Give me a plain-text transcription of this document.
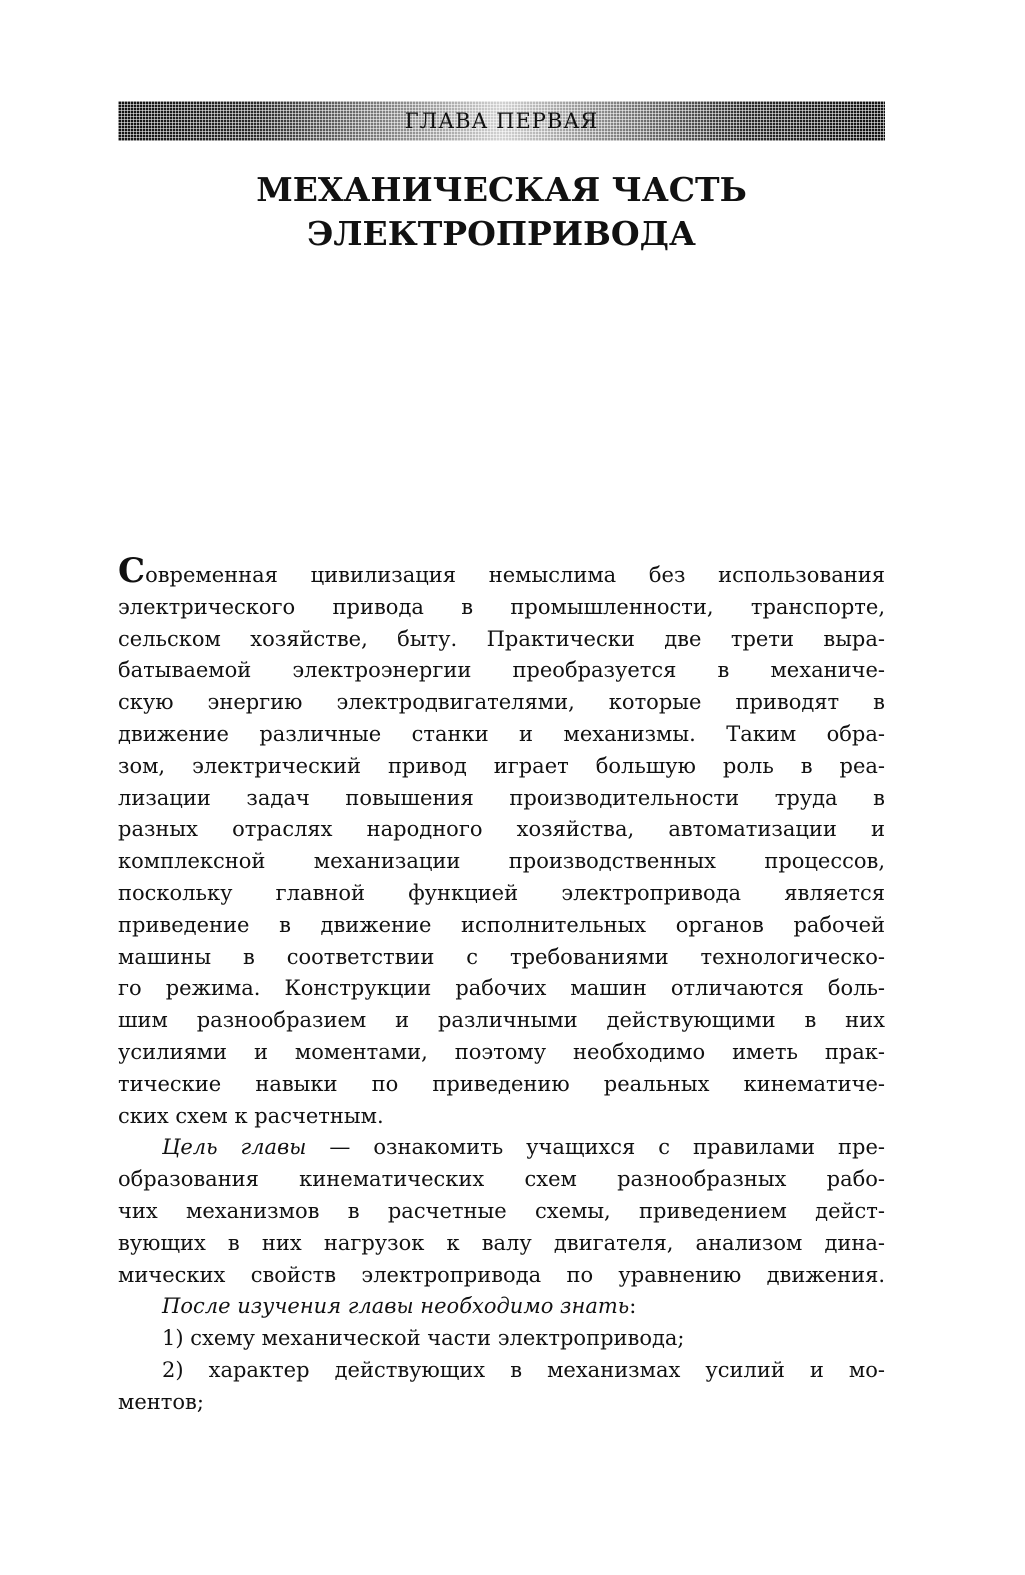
ГЛАВА ПЕРВАЯ
МЕХАНИЧЕСКАЯ ЧАСТЬ
ЭЛЕКТРОПРИВОДА
Современная цивилизация немыслима без использования
электрического привода в промышленности, транспорте,
сельском хозяйстве, быту. Практически две трети выра-
батываемой электроэнергии преобразуется в механиче-
скую энергию электродвигателями, которые приводят в
движение различные станки и механизмы. Таким обра-
зом, электрический привод играет большую роль в реа-
лизации задач повышения производительности труда в
разных отраслях народного хозяйства, автоматизации и
комплексной механизации производственных процессов,
поскольку главной функцией электропривода является
приведение в движение исполнительных органов рабочей
машины в соответствии с требованиями технологическо-
го режима. Конструкции рабочих машин отличаются боль-
шим разнообразием и различными действующими в них
усилиями и моментами, поэтому необходимо иметь прак-
тические навыки по приведению реальных кинематиче-
ских схем к расчетным.
Цель главы — ознакомить учащихся с правилами пре-
образования кинематических схем разнообразных рабо-
чих механизмов в расчетные схемы, приведением дейст-
вующих в них нагрузок к валу двигателя, анализом дина-
мических свойств электропривода по уравнению движения.
После изучения главы необходимо знать:
1) схему механической части электропривода;
2) характер действующих в механизмах усилий и мо-
ментов;
